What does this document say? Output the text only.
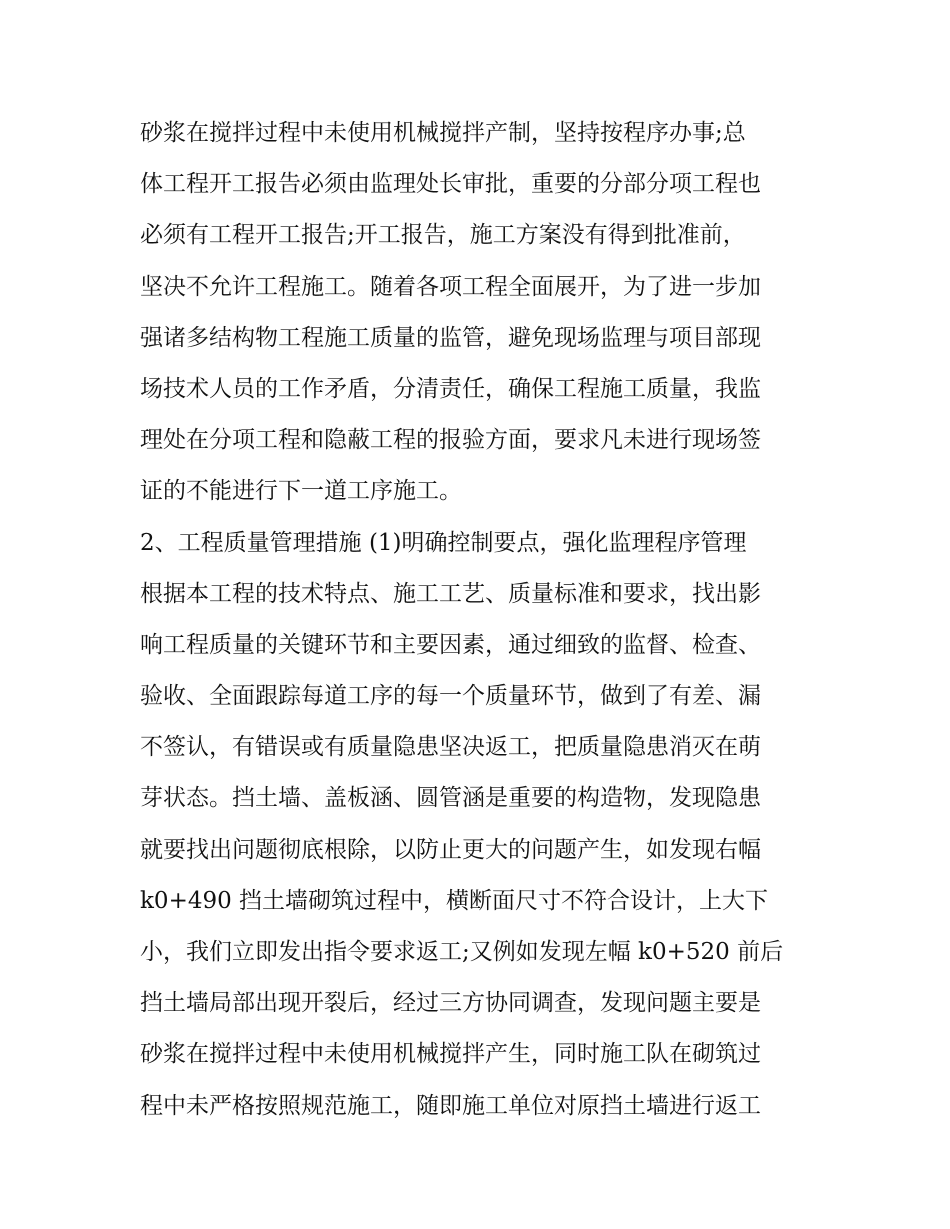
砂浆在搅拌过程中未使用机械搅拌产制，坚持按程序办事;总
体工程开工报告必须由监理处长审批，重要的分部分项工程也
必须有工程开工报告;开工报告，施工方案没有得到批准前，
坚决不允许工程施工。随着各项工程全面展开，为了进一步加
强诸多结构物工程施工质量的监管，避免现场监理与项目部现
场技术人员的工作矛盾，分清责任，确保工程施工质量，我监
理处在分项工程和隐蔽工程的报验方面，要求凡未进行现场签
证的不能进行下一道工序施工。
2、工程质量管理措施 (1)明确控制要点，强化监理程序管理
根据本工程的技术特点、施工工艺、质量标准和要求，找出影
响工程质量的关键环节和主要因素，通过细致的监督、检查、
验收、全面跟踪每道工序的每一个质量环节，做到了有差、漏
不签认，有错误或有质量隐患坚决返工，把质量隐患消灭在萌
芽状态。挡土墙、盖板涵、圆管涵是重要的构造物，发现隐患
就要找出问题彻底根除，以防止更大的问题产生，如发现右幅
k0+490 挡土墙砌筑过程中，横断面尺寸不符合设计，上大下
小，我们立即发出指令要求返工;又例如发现左幅 k0+520 前后
挡土墙局部出现开裂后，经过三方协同调查，发现问题主要是
砂浆在搅拌过程中未使用机械搅拌产生，同时施工队在砌筑过
程中未严格按照规范施工，随即施工单位对原挡土墙进行返工
